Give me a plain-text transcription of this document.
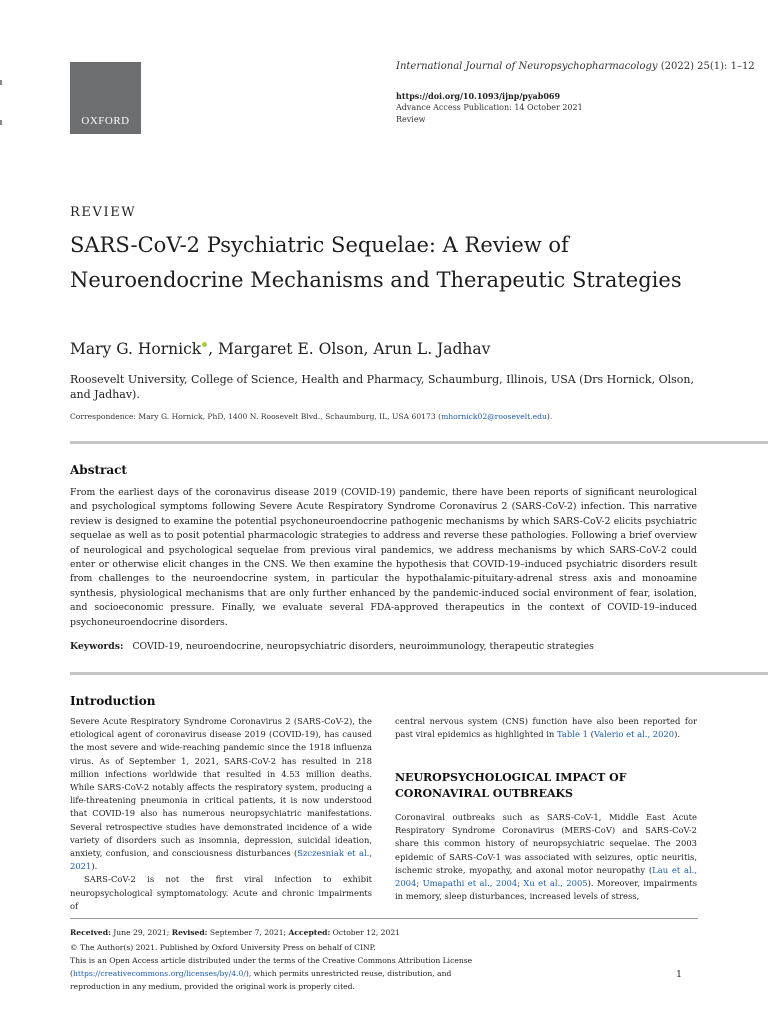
OXFORD
International Journal of Neuropsychopharmacology (2022) 25(1): 1–12
https://doi.org/10.1093/ijnp/pyab069
Advance Access Publication: 14 October 2021
Review
REVIEW
SARS-CoV-2 Psychiatric Sequelae: A Review of Neuroendocrine Mechanisms and Therapeutic Strategies
Mary G. Hornick , Margaret E. Olson, Arun L. Jadhav
Roosevelt University, College of Science, Health and Pharmacy, Schaumburg, Illinois, USA (Drs Hornick, Olson, and Jadhav).
Correspondence: Mary G. Hornick, PhD, 1400 N. Roosevelt Blvd., Schaumburg, IL, USA 60173 (mhornick02@roosevelt.edu).
Abstract

From the earliest days of the coronavirus disease 2019 (COVID-19) pandemic, there have been reports of significant neurological and psychological symptoms following Severe Acute Respiratory Syndrome Coronavirus 2 (SARS-CoV-2) infection. This narrative review is designed to examine the potential psychoneuroendocrine pathogenic mechanisms by which SARS-CoV-2 elicits psychiatric sequelae as well as to posit potential pharmacologic strategies to address and reverse these pathologies. Following a brief overview of neurological and psychological sequelae from previous viral pandemics, we address mechanisms by which SARS-CoV-2 could enter or otherwise elicit changes in the CNS. We then examine the hypothesis that COVID-19–induced psychiatric disorders result from challenges to the neuroendocrine system, in particular the hypothalamic-pituitary-adrenal stress axis and monoamine synthesis, physiological mechanisms that are only further enhanced by the pandemic-induced social environment of fear, isolation, and socioeconomic pressure. Finally, we evaluate several FDA-approved therapeutics in the context of COVID-19–induced psychoneuroendocrine disorders.

Keywords: COVID-19, neuroendocrine, neuropsychiatric disorders, neuroimmunology, therapeutic strategies
Introduction

Severe Acute Respiratory Syndrome Coronavirus 2 (SARS-CoV-2), the etiological agent of coronavirus disease 2019 (COVID-19), has caused the most severe and wide-reaching pandemic since the 1918 influenza virus. As of September 1, 2021, SARS-CoV-2 has resulted in 218 million infections worldwide that resulted in 4.53 million deaths. While SARS-CoV-2 notably affects the respiratory system, producing a life-threatening pneumonia in critical patients, it is now understood that COVID-19 also has numerous neuropsychiatric manifestations. Several retrospective studies have demonstrated incidence of a wide variety of disorders such as insomnia, depression, suicidal ideation, anxiety, confusion, and consciousness disturbances (Szczesniak et al., 2021).

SARS-CoV-2 is not the first viral infection to exhibit neuropsychological symptomatology. Acute and chronic impairments of

central nervous system (CNS) function have also been reported for past viral epidemics as highlighted in Table 1 (Valerio et al., 2020).

NEUROPSYCHOLOGICAL IMPACT OF CORONAVIRAL OUTBREAKS

Coronaviral outbreaks such as SARS-CoV-1, Middle East Acute Respiratory Syndrome Coronavirus (MERS-CoV) and SARS-CoV-2 share this common history of neuropsychiatric sequelae. The 2003 epidemic of SARS-CoV-1 was associated with seizures, optic neuritis, ischemic stroke, myopathy, and axonal motor neuropathy (Lau et al., 2004; Umapathi et al., 2004; Xu et al., 2005). Moreover, impairments in memory, sleep disturbances, increased levels of stress,

Received: June 29, 2021; Revised: September 7, 2021; Accepted: October 12, 2021
© The Author(s) 2021. Published by Oxford University Press on behalf of CINP.
This is an Open Access article distributed under the terms of the Creative Commons Attribution License
(https://creativecommons.org/licenses/by/4.0/), which permits unrestricted reuse, distribution, and
reproduction in any medium, provided the original work is properly cited.
1
